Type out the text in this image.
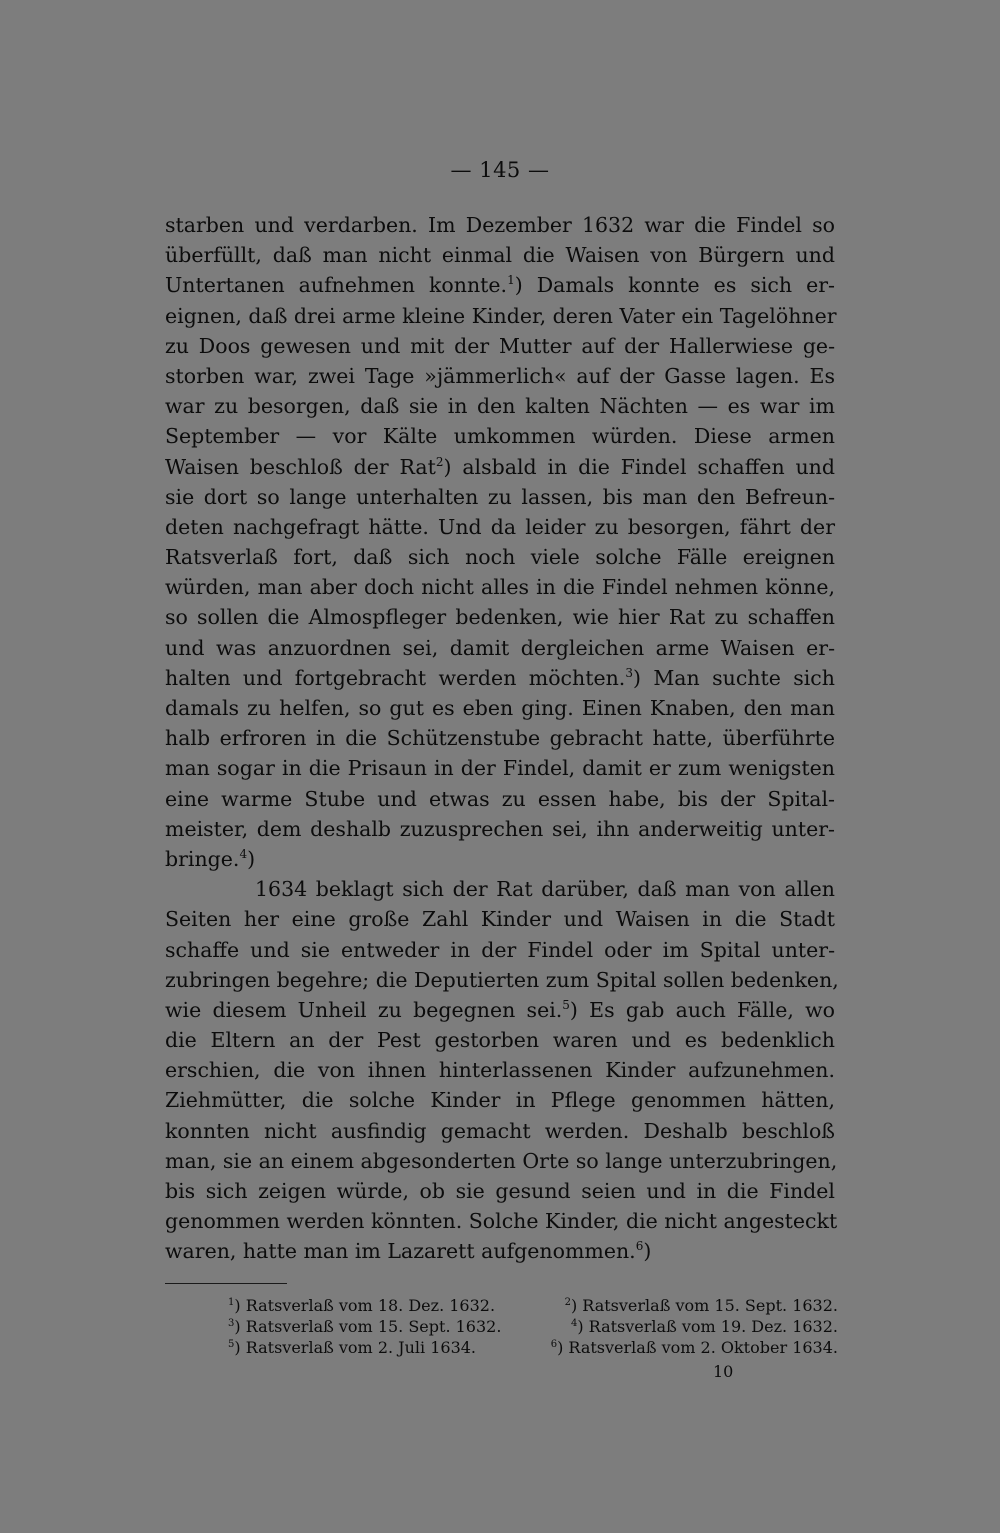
— 145 —
starben und verdarben. Im Dezember 1632 war die Findel so
überfüllt, daß man nicht einmal die Waisen von Bürgern und
Untertanen aufnehmen konnte.$^1$) Damals konnte es sich er-
eignen, daß drei arme kleine Kinder, deren Vater ein Tagelöhner
zu Doos gewesen und mit der Mutter auf der Hallerwiese ge-
storben war, zwei Tage »jämmerlich« auf der Gasse lagen. Es
war zu besorgen, daß sie in den kalten Nächten — es war im
September — vor Kälte umkommen würden. Diese armen
Waisen beschloß der Rat$^2$) alsbald in die Findel schaffen und
sie dort so lange unterhalten zu lassen, bis man den Befreun-
deten nachgefragt hätte. Und da leider zu besorgen, fährt der
Ratsverlaß fort, daß sich noch viele solche Fälle ereignen
würden, man aber doch nicht alles in die Findel nehmen könne,
so sollen die Almospfleger bedenken, wie hier Rat zu schaffen
und was anzuordnen sei, damit dergleichen arme Waisen er-
halten und fortgebracht werden möchten.$^3$) Man suchte sich
damals zu helfen, so gut es eben ging. Einen Knaben, den man
halb erfroren in die Schützenstube gebracht hatte, überführte
man sogar in die Prisaun in der Findel, damit er zum wenigsten
eine warme Stube und etwas zu essen habe, bis der Spital-
meister, dem deshalb zuzusprechen sei, ihn anderweitig unter-
bringe.$^4$)
1634 beklagt sich der Rat darüber, daß man von allen
Seiten her eine große Zahl Kinder und Waisen in die Stadt
schaffe und sie entweder in der Findel oder im Spital unter-
zubringen begehre; die Deputierten zum Spital sollen bedenken,
wie diesem Unheil zu begegnen sei.$^5$) Es gab auch Fälle, wo
die Eltern an der Pest gestorben waren und es bedenklich
erschien, die von ihnen hinterlassenen Kinder aufzunehmen.
Ziehmütter, die solche Kinder in Pflege genommen hätten,
konnten nicht ausfindig gemacht werden. Deshalb beschloß
man, sie an einem abgesonderten Orte so lange unterzubringen,
bis sich zeigen würde, ob sie gesund seien und in die Findel
genommen werden könnten. Solche Kinder, die nicht angesteckt
waren, hatte man im Lazarett aufgenommen.$^6$)
$^1$) Ratsverlaß vom 18. Dez. 1632.	$^2$) Ratsverlaß vom 15. Sept. 1632.
$^3$) Ratsverlaß vom 15. Sept. 1632.	$^4$) Ratsverlaß vom 19. Dez. 1632.
$^5$) Ratsverlaß vom 2. Juli 1634.	$^6$) Ratsverlaß vom 2. Oktober 1634.
10
